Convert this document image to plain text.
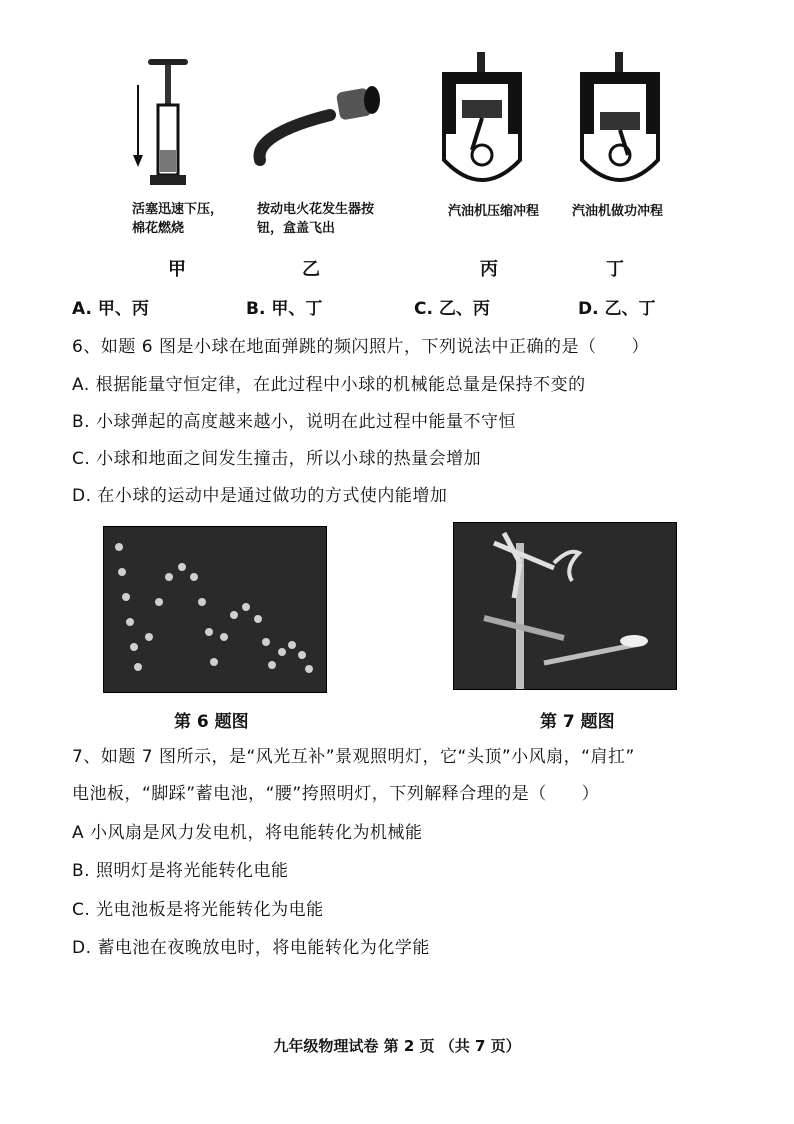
活塞迅速下压，
棉花燃烧
甲
按动电火花发生器按
钮，盒盖飞出
乙
汽油机压缩冲程
丙
汽油机做功冲程
丁
A. 甲、丙	B. 甲、丁	C. 乙、丙	D. 乙、丁
6、如题 6 图是小球在地面弹跳的频闪照片，下列说法中正确的是（　　）
A. 根据能量守恒定律，在此过程中小球的机械能总量是保持不变的
B. 小球弹起的高度越来越小，说明在此过程中能量不守恒
C. 小球和地面之间发生撞击，所以小球的热量会增加
D. 在小球的运动中是通过做功的方式使内能增加
第 6 题图	第 7 题图
7、如题 7 图所示，是“风光互补”景观照明灯，它“头顶”小风扇，“肩扛”
电池板，“脚踩”蓄电池，“腰”挎照明灯，下列解释合理的是（　　）
A 小风扇是风力发电机，将电能转化为机械能
B. 照明灯是将光能转化电能
C. 光电池板是将光能转化为电能
D. 蓄电池在夜晚放电时，将电能转化为化学能
九年级物理试卷 第 2 页 （共 7 页）
